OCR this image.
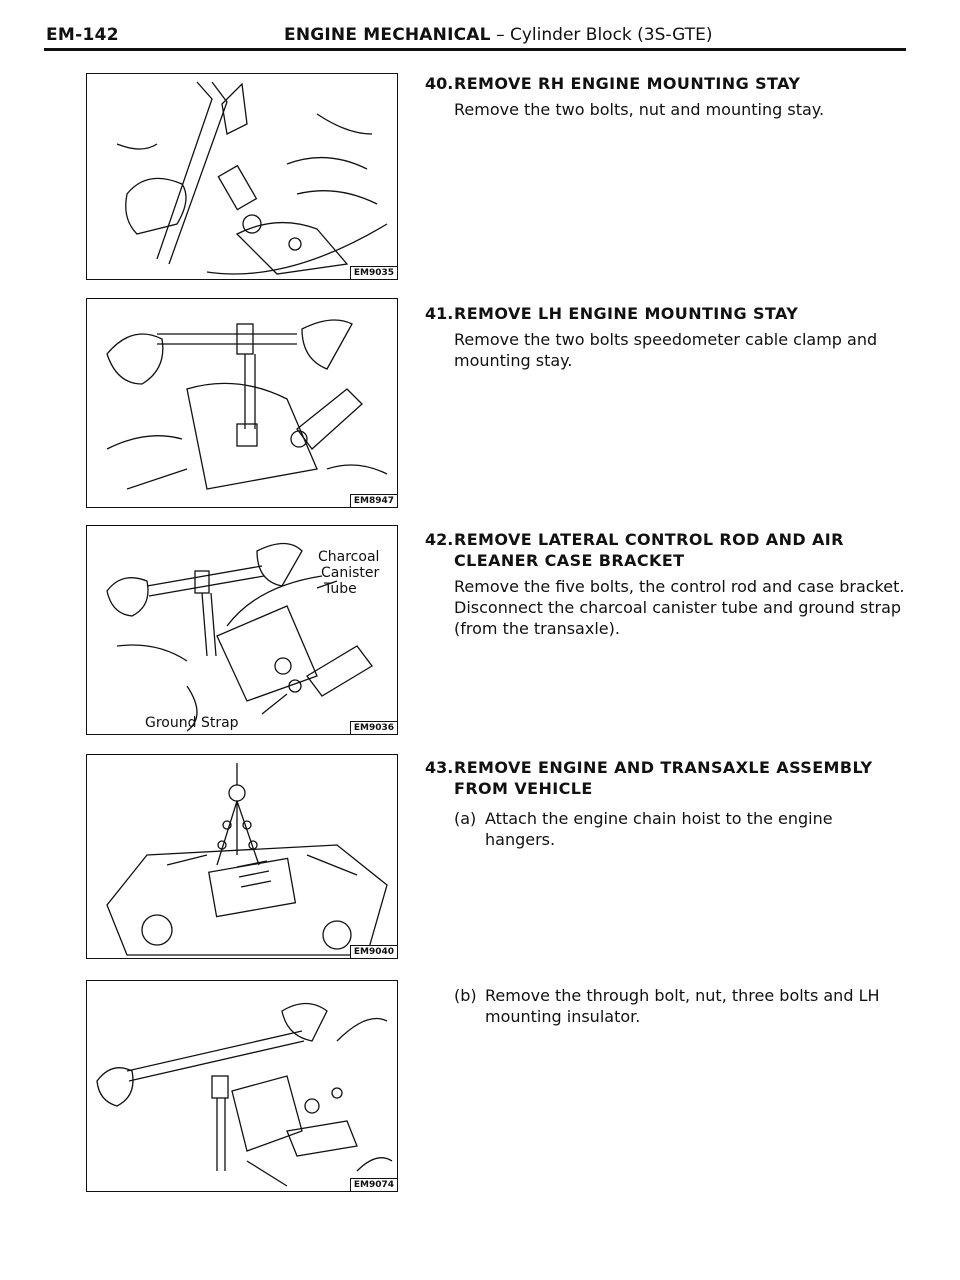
EM-142	ENGINE MECHANICAL – Cylinder Block (3S-GTE)
EM9035
EM8947
Charcoal
Canister
Tube
Ground Strap	EM9036
EM9040
EM9074
40. REMOVE RH ENGINE MOUNTING STAY
Remove the two bolts, nut and mounting stay.
41. REMOVE LH ENGINE MOUNTING STAY
Remove the two bolts speedometer cable clamp and mounting stay.
42. REMOVE LATERAL CONTROL ROD AND AIR CLEANER CASE BRACKET
Remove the five bolts, the control rod and case bracket. Disconnect the charcoal canister tube and ground strap (from the transaxle).
43. REMOVE ENGINE AND TRANSAXLE ASSEMBLY FROM VEHICLE
(a) Attach the engine chain hoist to the engine hangers.
(b) Remove the through bolt, nut, three bolts and LH mounting insulator.
